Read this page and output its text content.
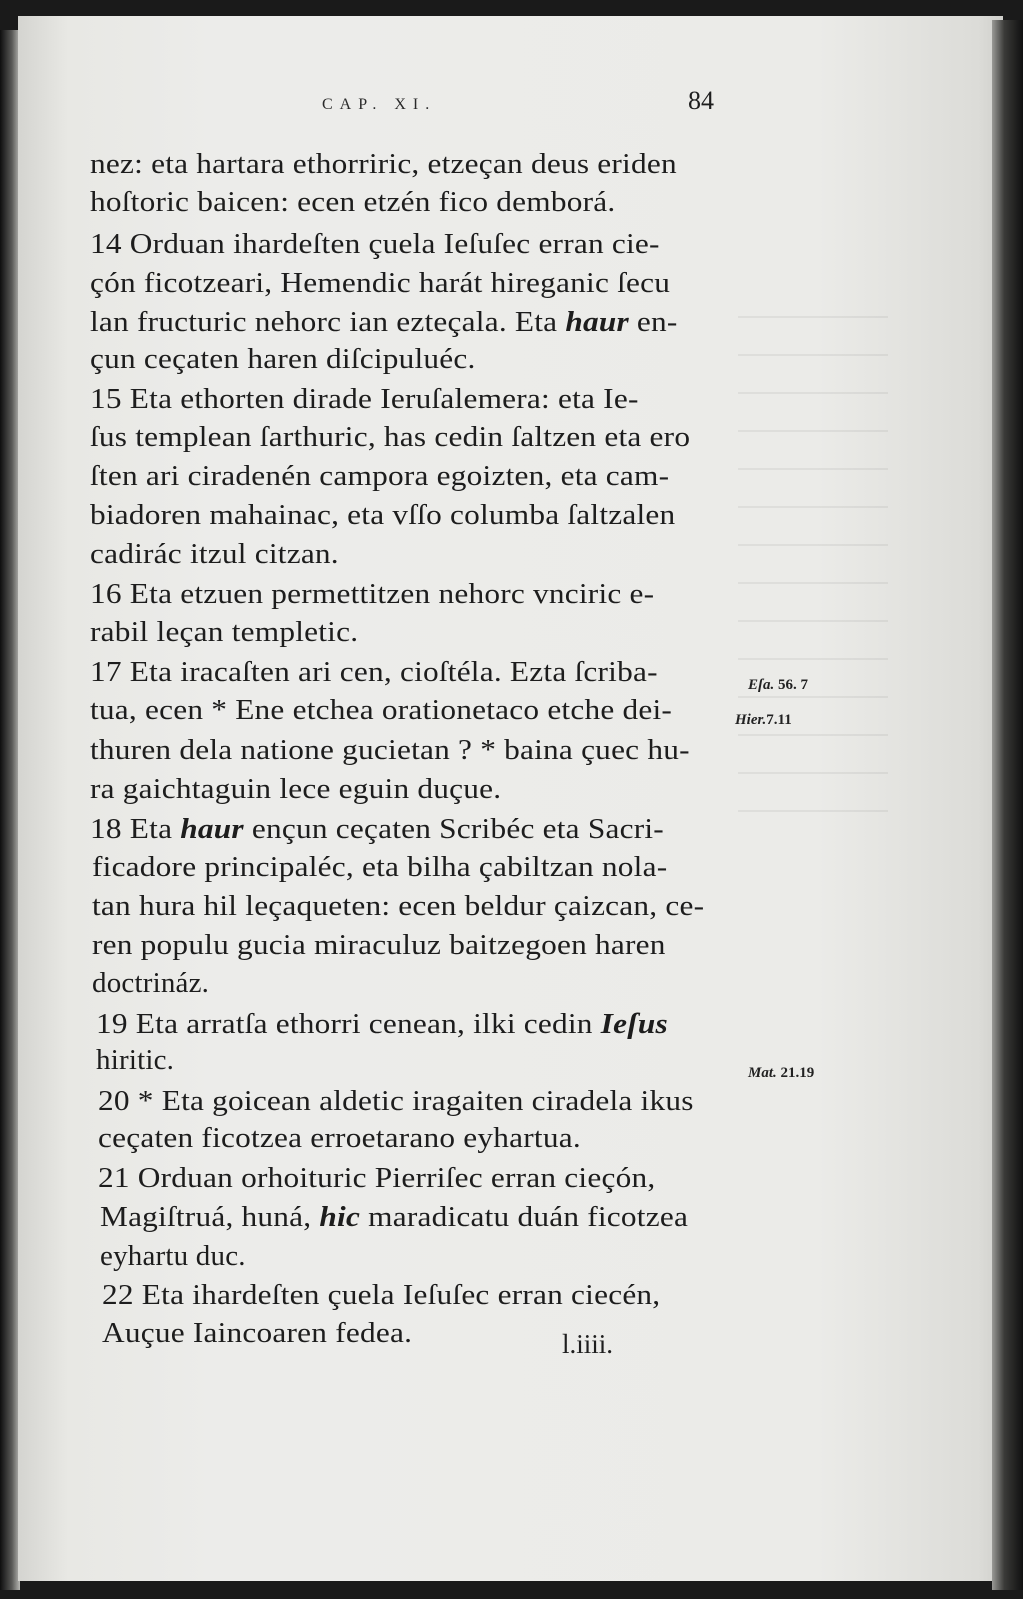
CAP. XI.	84
nez: eta hartara ethorriric, etzeçan deus eriden
hoſtoric baicen: ecen etzén fico demborá.
14 Orduan ihardeſten çuela Ieſuſec erran cie-
çón ficotzeari, Hemendic harát hireganic ſecu
lan fructuric nehorc ian ezteçala. Eta haur en-
çun ceçaten haren diſcipuluéc.
15 Eta ethorten dirade Ieruſalemera: eta Ie-
ſus templean ſarthuric, has cedin ſaltzen eta ero
ſten ari ciradenén campora egoizten, eta cam-
biadoren mahainac, eta vſſo columba ſaltzalen
cadirác itzul citzan.
16 Eta etzuen permettitzen nehorc vnciric e-
rabil leçan templetic.
17 Eta iracaſten ari cen, cioſtéla. Ezta ſcriba-
tua, ecen * Ene etchea orationetaco etche dei-
thuren dela natione gucietan ? * baina çuec hu-
ra gaichtaguin lece eguin duçue.
18 Eta haur ençun ceçaten Scribéc eta Sacri-
ficadore principaléc, eta bilha çabiltzan nola-
tan hura hil leçaqueten: ecen beldur çaizcan, ce-
ren populu gucia miraculuz baitzegoen haren
doctrináz.
19 Eta arratſa ethorri cenean, ilki cedin Ieſus
hiritic.
20 * Eta goicean aldetic iragaiten ciradela ikus
ceçaten ficotzea erroetarano eyhartua.
21 Orduan orhoituric Pierriſec erran cieçón,
Magiſtruá, huná, hic maradicatu duán ficotzea
eyhartu duc.
22 Eta ihardeſten çuela Ieſuſec erran ciecén,
Auçue Iaincoaren fedea.
Eſa. 56. 7
Hier.7.11
Mat. 21.19
l.iiii.
